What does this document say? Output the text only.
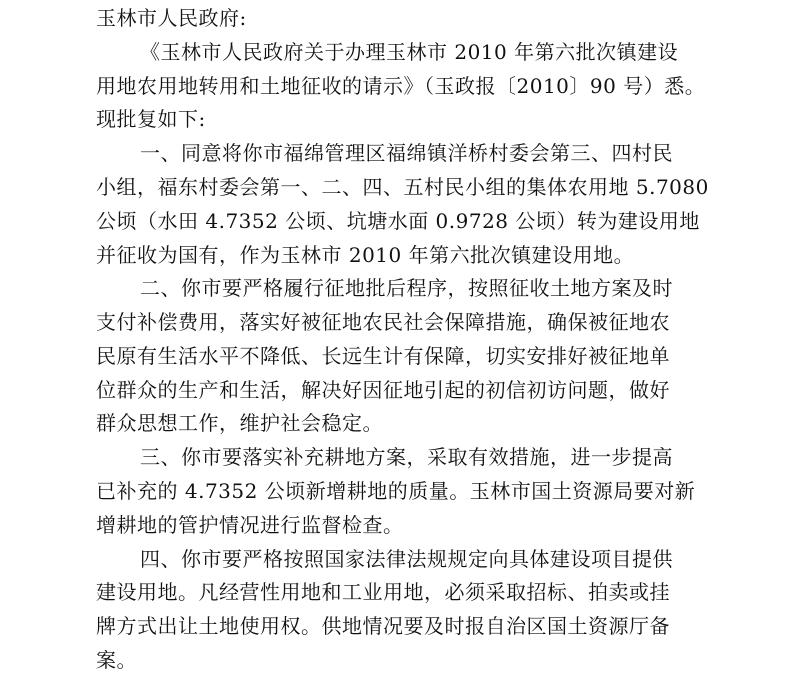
玉林市人民政府:
《玉林市人民政府关于办理玉林市 2010 年第六批次镇建设
用地农用地转用和土地征收的请示》（玉政报〔2010〕90 号）悉。
现批复如下:
一、同意将你市福绵管理区福绵镇洋桥村委会第三、四村民
小组，福东村委会第一、二、四、五村民小组的集体农用地 5.7080
公顷（水田 4.7352 公顷、坑塘水面 0.9728 公顷）转为建设用地
并征收为国有，作为玉林市 2010 年第六批次镇建设用地。
二、你市要严格履行征地批后程序，按照征收土地方案及时
支付补偿费用，落实好被征地农民社会保障措施，确保被征地农
民原有生活水平不降低、长远生计有保障，切实安排好被征地单
位群众的生产和生活，解决好因征地引起的初信初访问题，做好
群众思想工作，维护社会稳定。
三、你市要落实补充耕地方案，采取有效措施，进一步提高
已补充的 4.7352 公顷新增耕地的质量。玉林市国土资源局要对新
增耕地的管护情况进行监督检查。
四、你市要严格按照国家法律法规规定向具体建设项目提供
建设用地。凡经营性用地和工业用地，必须采取招标、拍卖或挂
牌方式出让土地使用权。供地情况要及时报自治区国土资源厅备
案。
